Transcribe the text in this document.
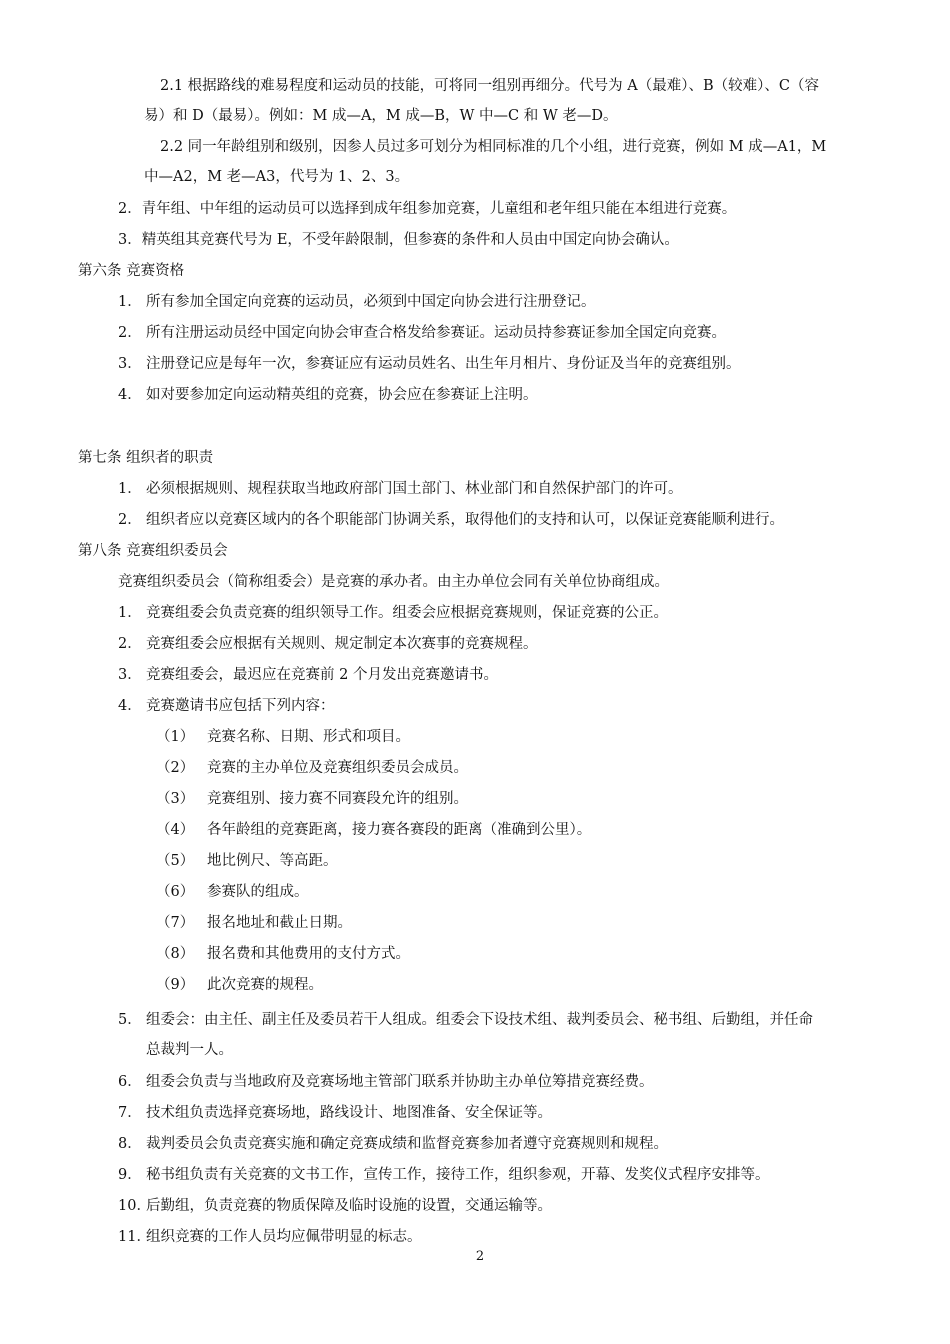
2.1 根据路线的难易程度和运动员的技能，可将同一组别再细分。代号为 A（最难）、B（较难）、C（容
易）和 D（最易）。例如：M 成—A，M 成—B，W 中—C 和 W 老—D。
2.2 同一年龄组别和级别，因参人员过多可划分为相同标准的几个小组，进行竞赛，例如 M 成—A1，M
中—A2，M 老—A3，代号为 1、2、3。
2．青年组、中年组的运动员可以选择到成年组参加竞赛，儿童组和老年组只能在本组进行竞赛。
3．精英组其竞赛代号为 E，不受年龄限制，但参赛的条件和人员由中国定向协会确认。
第六条 竞赛资格
1． 所有参加全国定向竞赛的运动员，必须到中国定向协会进行注册登记。
2． 所有注册运动员经中国定向协会审查合格发给参赛证。运动员持参赛证参加全国定向竞赛。
3． 注册登记应是每年一次，参赛证应有运动员姓名、出生年月相片、身份证及当年的竞赛组别。
4． 如对要参加定向运动精英组的竞赛，协会应在参赛证上注明。
第七条 组织者的职责
1． 必须根据规则、规程获取当地政府部门国土部门、林业部门和自然保护部门的许可。
2． 组织者应以竞赛区域内的各个职能部门协调关系，取得他们的支持和认可，以保证竞赛能顺利进行。
第八条 竞赛组织委员会
竞赛组织委员会（简称组委会）是竞赛的承办者。由主办单位会同有关单位协商组成。
1． 竞赛组委会负责竞赛的组织领导工作。组委会应根据竞赛规则，保证竞赛的公正。
2． 竞赛组委会应根据有关规则、规定制定本次赛事的竞赛规程。
3． 竞赛组委会，最迟应在竞赛前 2 个月发出竞赛邀请书。
4． 竞赛邀请书应包括下列内容：
（1） 竞赛名称、日期、形式和项目。
（2） 竞赛的主办单位及竞赛组织委员会成员。
（3） 竞赛组别、接力赛不同赛段允许的组别。
（4） 各年龄组的竞赛距离，接力赛各赛段的距离（准确到公里）。
（5） 地比例尺、等高距。
（6） 参赛队的组成。
（7） 报名地址和截止日期。
（8） 报名费和其他费用的支付方式。
（9） 此次竞赛的规程。
5． 组委会：由主任、副主任及委员若干人组成。组委会下设技术组、裁判委员会、秘书组、后勤组，并任命
总裁判一人。
6． 组委会负责与当地政府及竞赛场地主管部门联系并协助主办单位筹措竞赛经费。
7． 技术组负责选择竞赛场地，路线设计、地图准备、安全保证等。
8． 裁判委员会负责竞赛实施和确定竞赛成绩和监督竞赛参加者遵守竞赛规则和规程。
9． 秘书组负责有关竞赛的文书工作，宣传工作，接待工作，组织参观，开幕、发奖仪式程序安排等。
10．后勤组，负责竞赛的物质保障及临时设施的设置，交通运输等。
11．组织竞赛的工作人员均应佩带明显的标志。
2
